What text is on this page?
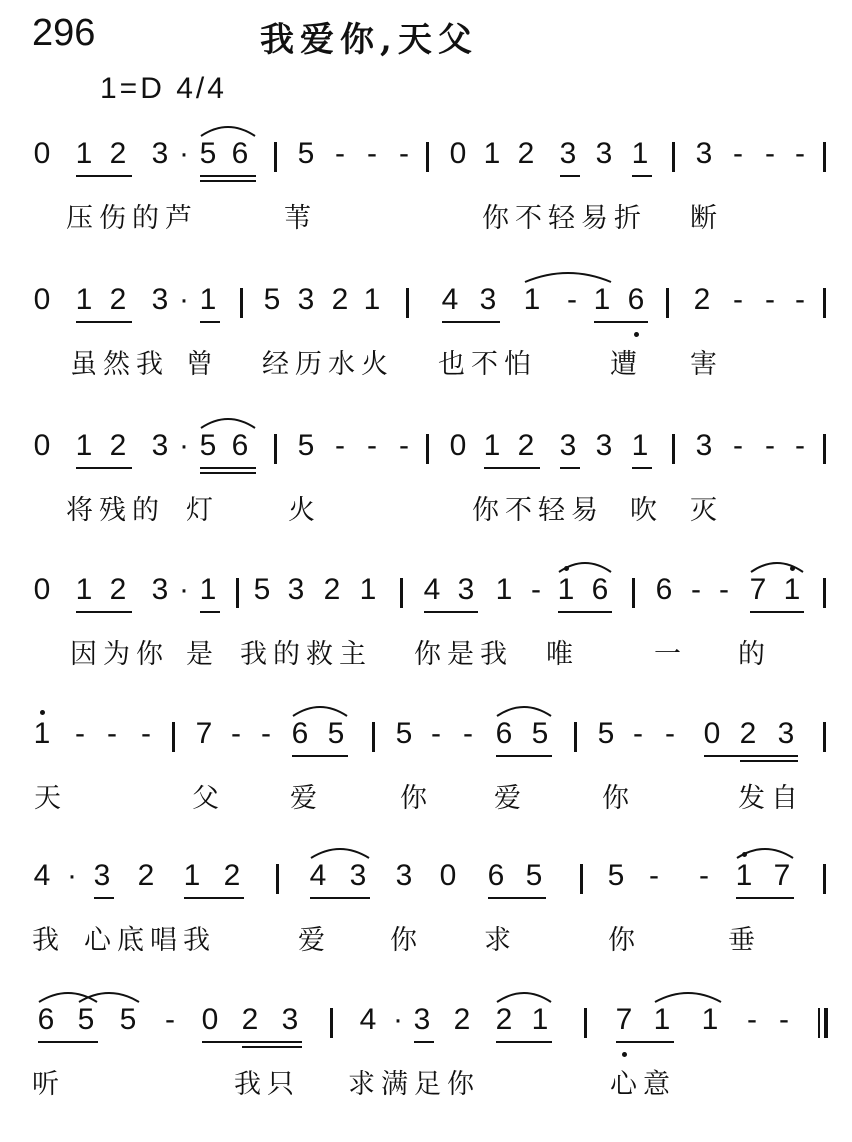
296	我爱你,天父
1=D 4/4
0 1 2 3 · 5 6 5 - - - 0 1 2 3 3 1 3 - - -
压伤的芦	苇	你不轻易折 断
0 1 2 3 · 1 5 3 2 1 4 3 1 - 1 6 2 - - -
虽然我 曾 经历水火 也不怕	遭 害
0 1 2 3 · 5 6 5 - - - 0 1 2 3 3 1 3 - - -
将残的 灯	火	你不轻易 吹 灭
0 1 2 3 · 1 5 3 2 1 4 3 1 - 1 6 6 - - 7 1
因为你 是 我的救主 你是我 唯	一 的
1 - - - 7 - - 6 5 5 - - 6 5 5 - - 0 2 3
天	父 爱	你 爱	你	发自
4 · 3 2 1 2 4 3 3 0 6 5 5 - - 1 7
我 心底唱我	爱 你 求	你	垂
6 5 5 - 0 2 3 4 · 3 2 2 1 7 1 1 - -
听	我只 求满足你	心意
